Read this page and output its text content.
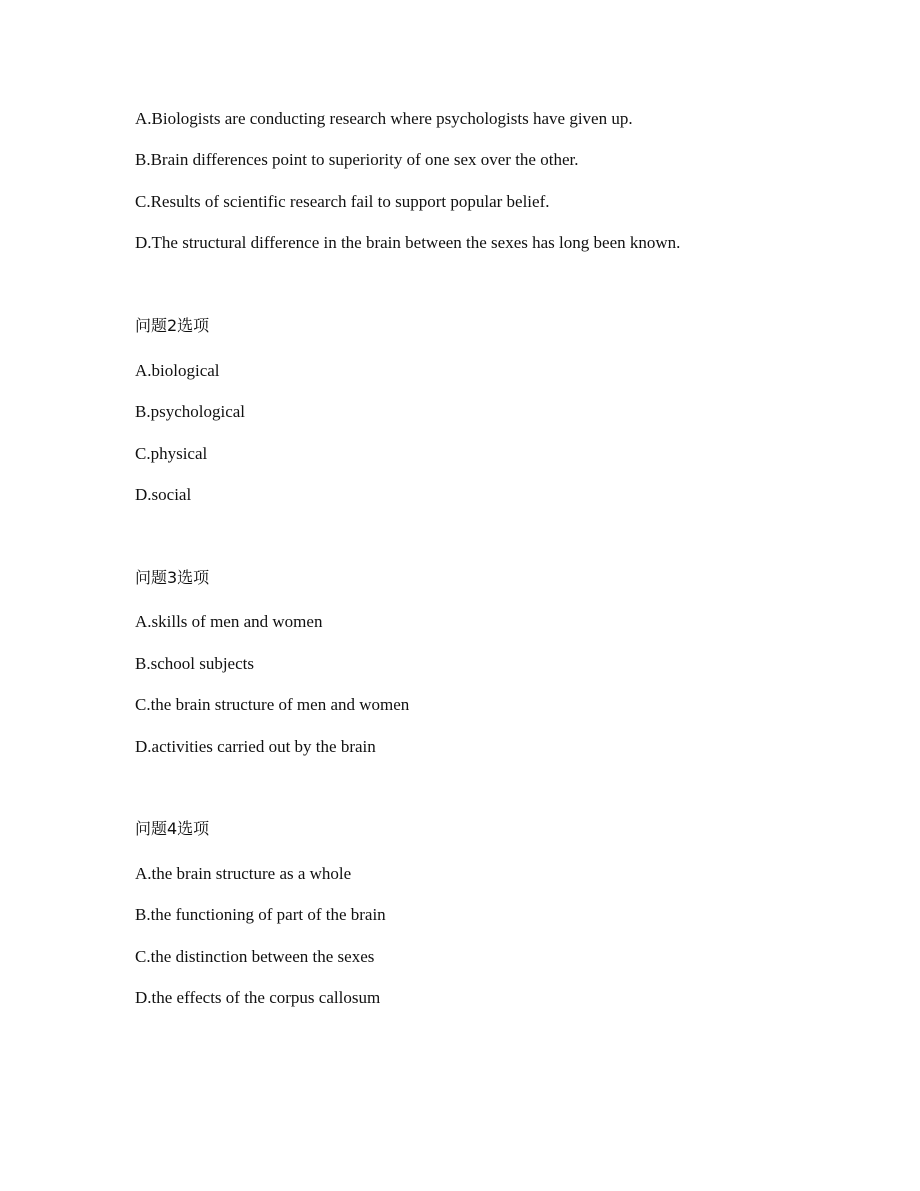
A.Biologists are conducting research where psychologists have given up.
B.Brain differences point to superiority of one sex over the other.
C.Results of scientific research fail to support popular belief.
D.The structural difference in the brain between the sexes has long been known.
问题2选项
A.biological
B.psychological
C.physical
D.social
问题3选项
A.skills of men and women
B.school subjects
C.the brain structure of men and women
D.activities carried out by the brain
问题4选项
A.the brain structure as a whole
B.the functioning of part of the brain
C.the distinction between the sexes
D.the effects of the corpus callosum
